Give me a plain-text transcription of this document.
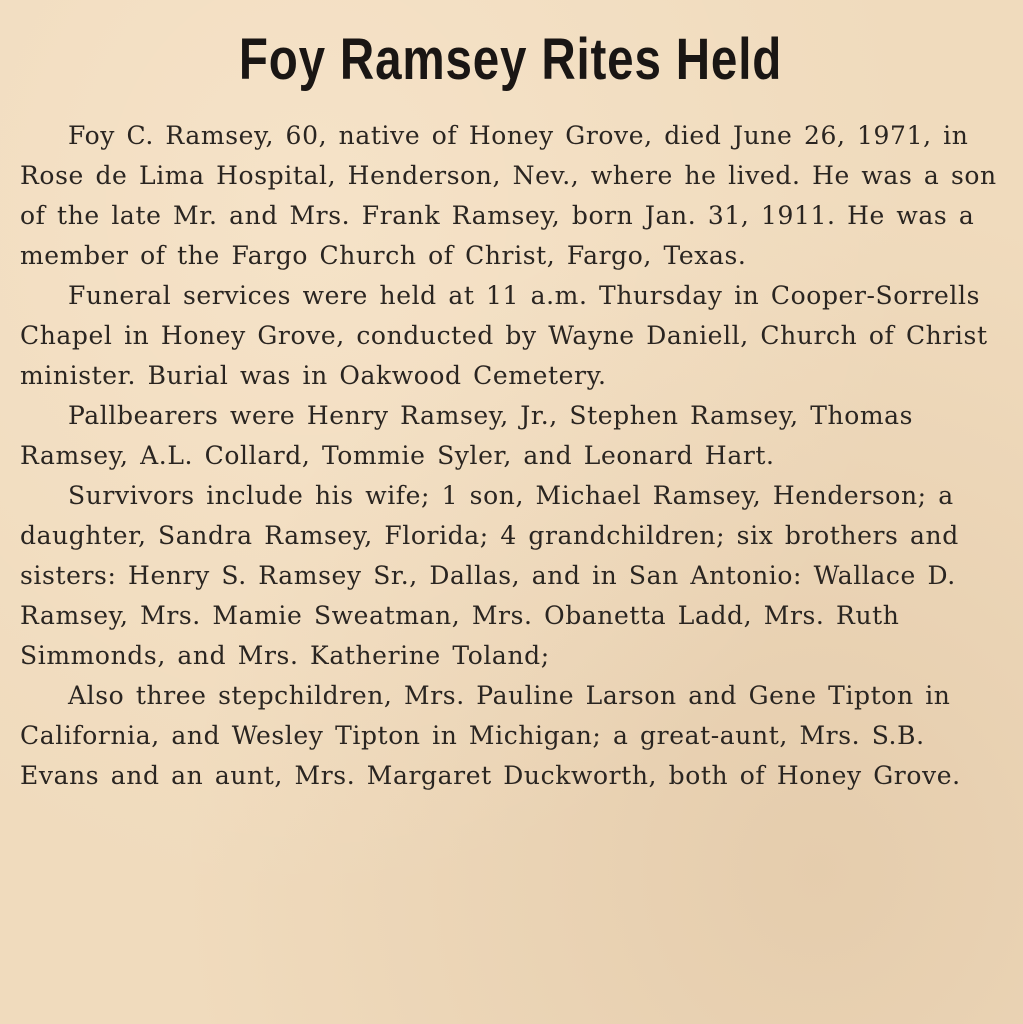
Foy Ramsey Rites Held

Foy C. Ramsey, 60, native of Honey Grove, died June 26, 1971, in Rose de Lima Hospital, Henderson, Nev., where he lived. He was a son of the late Mr. and Mrs. Frank Ramsey, born Jan. 31, 1911. He was a member of the Fargo Church of Christ, Fargo, Texas.

Funeral services were held at 11 a.m. Thursday in Cooper-Sorrells Chapel in Honey Grove, conducted by Wayne Daniell, Church of Christ minister. Burial was in Oakwood Cemetery.

Pallbearers were Henry Ramsey, Jr., Stephen Ramsey, Thomas Ramsey, A.L. Collard, Tommie Syler, and Leonard Hart.

Survivors include his wife; 1 son, Michael Ramsey, Henderson; a daughter, Sandra Ramsey, Florida; 4 grandchildren; six brothers and sisters: Henry S. Ramsey Sr., Dallas, and in San Antonio: Wallace D. Ramsey, Mrs. Mamie Sweatman, Mrs. Obanetta Ladd, Mrs. Ruth Simmonds, and Mrs. Katherine Toland;

Also three stepchildren, Mrs. Pauline Larson and Gene Tipton in California, and Wesley Tipton in Michigan; a great-aunt, Mrs. S.B. Evans and an aunt, Mrs. Margaret Duckworth, both of Honey Grove.
